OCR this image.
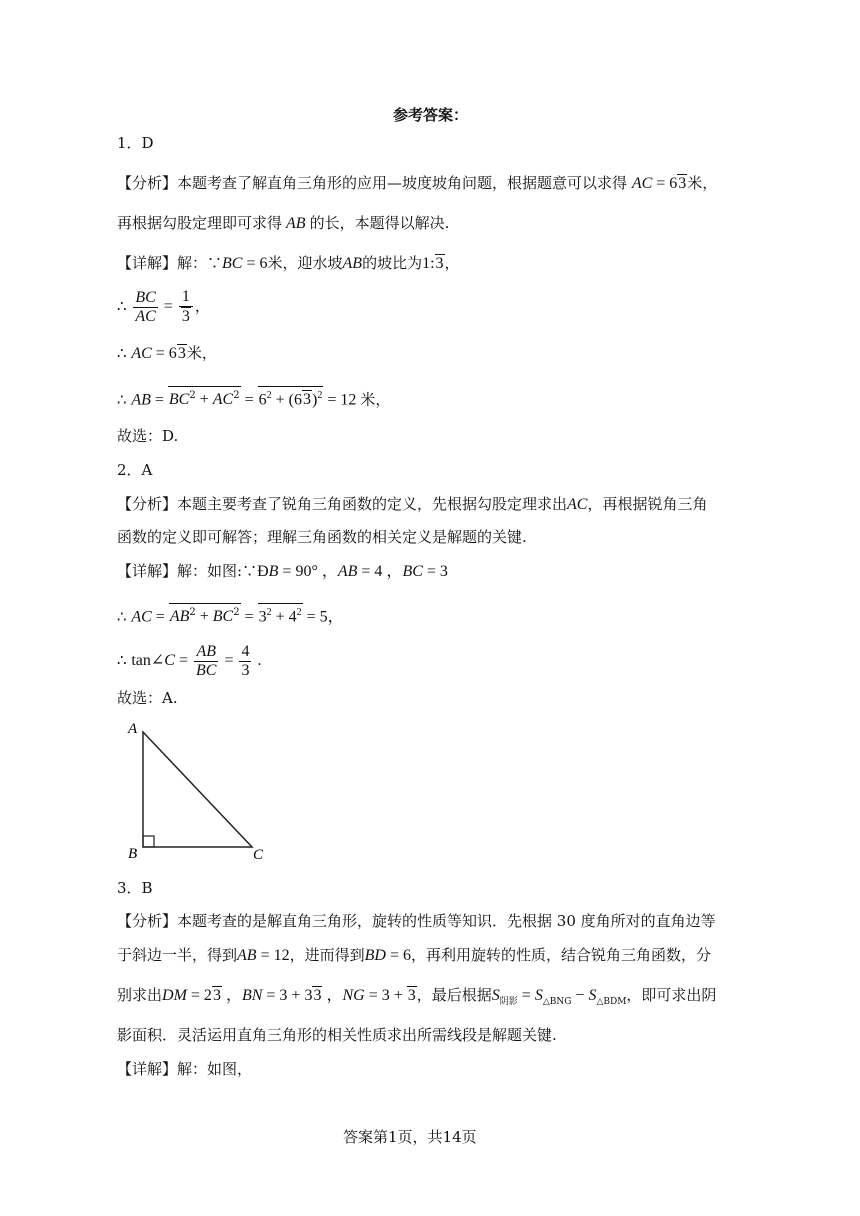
参考答案：
1．D
【分析】本题考查了解直角三角形的应用—坡度坡角问题，根据题意可以求得 AC = 63米，
再根据勾股定理即可求得 AB 的长，本题得以解决.
【详解】解：∵BC = 6米，迎水坡AB的坡比为1:3，
∴ $\frac{BC}{AC} = \frac{1}{3}$ ，
∴ AC = 63米，
∴ AB = $BC^2 + AC^2 = 6^2 + (63)^2 = 12$ 米，
故选：D.
2．A
【分析】本题主要考查了锐角三角函数的定义，先根据勾股定理求出AC，再根据锐角三角
函数的定义即可解答；理解三角函数的相关定义是解题的关键.
【详解】解：如图:∵ÐB = 90° ，AB = 4 ，BC = 3
∴ AC = $AB^2 + BC^2 = 3^2 + 4^2 = 5$，
∴ tan∠C = $\frac{AB}{BC} = \frac{4}{3}$ .
故选：A.
A
B	C
3．B
【分析】本题考查的是解直角三角形，旋转的性质等知识．先根据 30 度角所对的直角边等
于斜边一半，得到AB = 12，进而得到BD = 6，再利用旋转的性质，结合锐角三角函数，分
别求出DM = 23 ，BN = 3 + 33 ，NG = 3 + 3，最后根据$S_{阴影} = S_{\triangle BNG} - S_{\triangle BDM}$，即可求出阴
影面积．灵活运用直角三角形的相关性质求出所需线段是解题关键.
【详解】解：如图，
答案第1页，共14页
